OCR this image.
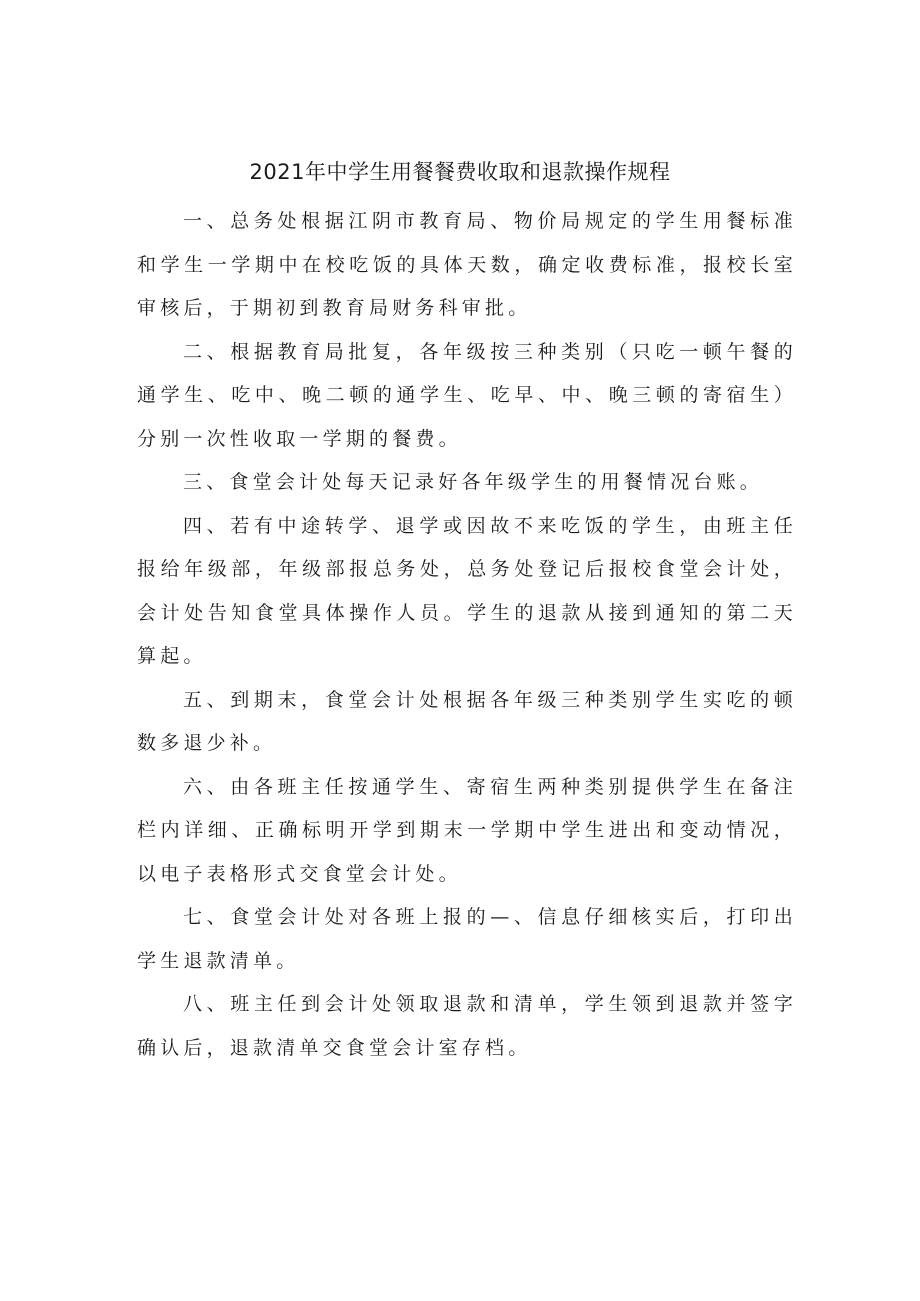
2021年中学生用餐餐费收取和退款操作规程

一、总务处根据江阴市教育局、物价局规定的学生用餐标准和学生一学期中在校吃饭的具体天数，确定收费标准，报校长室审核后，于期初到教育局财务科审批。

二、根据教育局批复，各年级按三种类别（只吃一顿午餐的通学生、吃中、晚二顿的通学生、吃早、中、晚三顿的寄宿生）分别一次性收取一学期的餐费。

三、食堂会计处每天记录好各年级学生的用餐情况台账。

四、若有中途转学、退学或因故不来吃饭的学生，由班主任报给年级部，年级部报总务处，总务处登记后报校食堂会计处，会计处告知食堂具体操作人员。学生的退款从接到通知的第二天算起。

五、到期末，食堂会计处根据各年级三种类别学生实吃的顿数多退少补。

六、由各班主任按通学生、寄宿生两种类别提供学生在备注栏内详细、正确标明开学到期末一学期中学生进出和变动情况，以电子表格形式交食堂会计处。

七、食堂会计处对各班上报的—、信息仔细核实后，打印出学生退款清单。

八、班主任到会计处领取退款和清单，学生领到退款并签字确认后，退款清单交食堂会计室存档。
